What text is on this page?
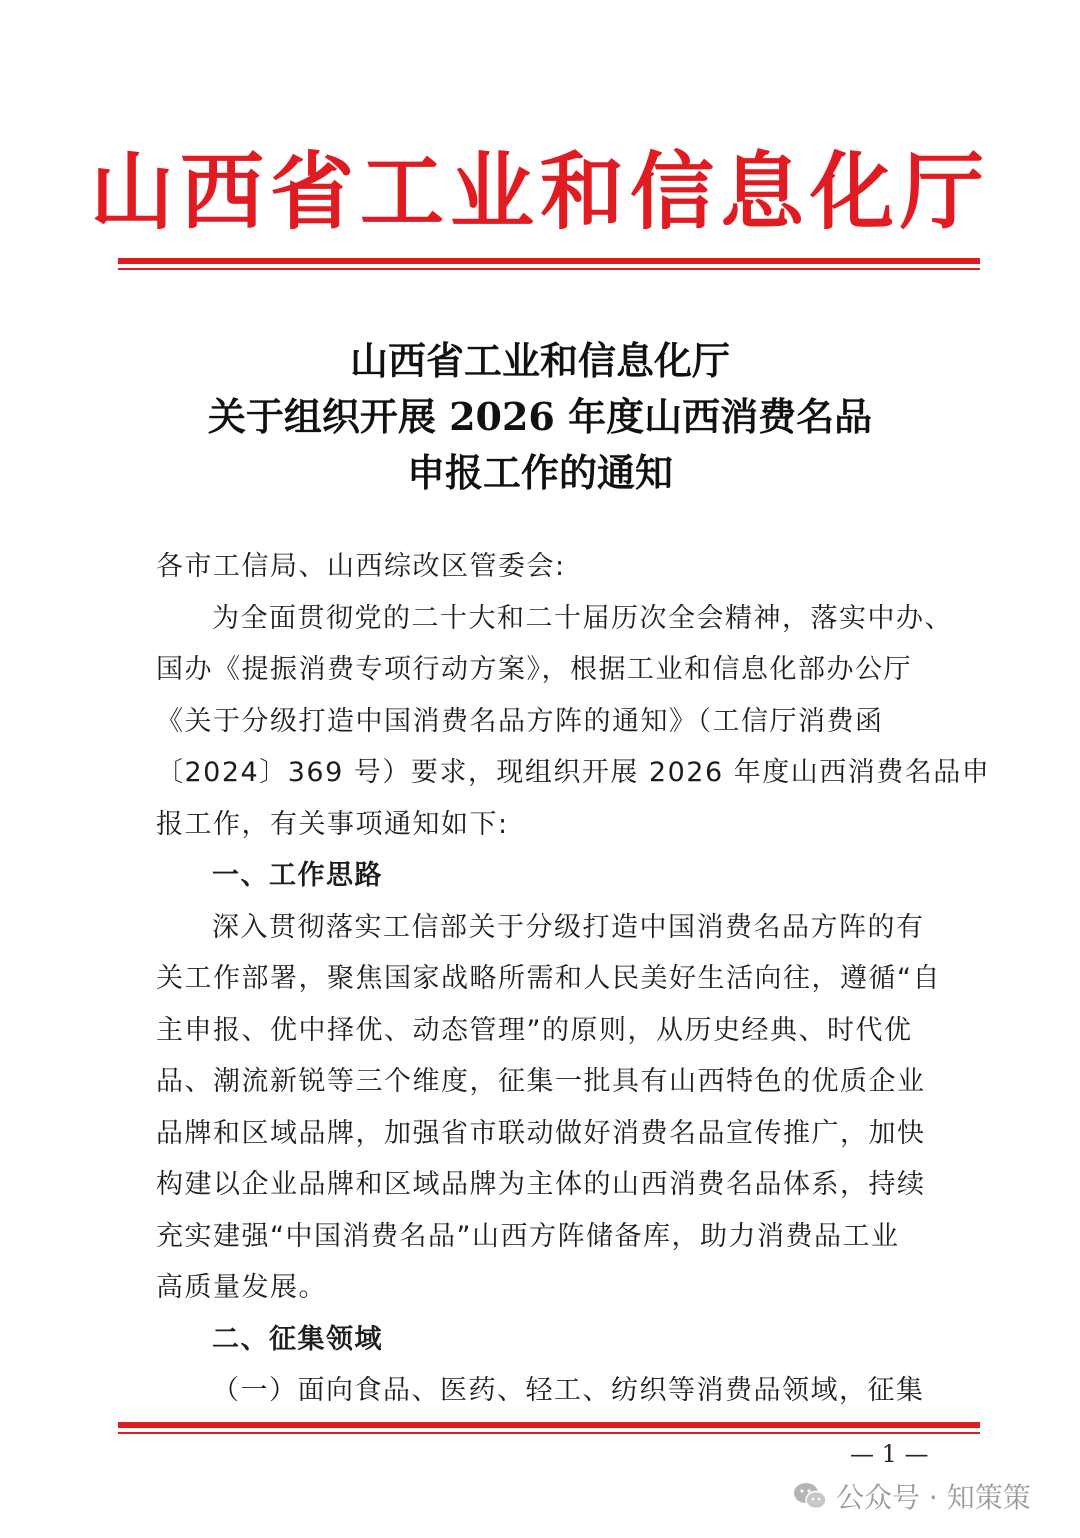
山西省工业和信息化厅
山西省工业和信息化厅
关于组织开展 2026 年度山西消费名品
申报工作的通知
各市工信局、山西综改区管委会:
为全面贯彻党的二十大和二十届历次全会精神，落实中办、
国办《提振消费专项行动方案》，根据工业和信息化部办公厅
《关于分级打造中国消费名品方阵的通知》（工信厅消费函
〔2024〕369 号）要求，现组织开展 2026 年度山西消费名品申
报工作，有关事项通知如下:
一、工作思路
深入贯彻落实工信部关于分级打造中国消费名品方阵的有
关工作部署，聚焦国家战略所需和人民美好生活向往，遵循“自
主申报、优中择优、动态管理”的原则，从历史经典、时代优
品、潮流新锐等三个维度，征集一批具有山西特色的优质企业
品牌和区域品牌，加强省市联动做好消费名品宣传推广，加快
构建以企业品牌和区域品牌为主体的山西消费名品体系，持续
充实建强“中国消费名品”山西方阵储备库，助力消费品工业
高质量发展。
二、征集领域
（一）面向食品、医药、轻工、纺织等消费品领域，征集
— 1 —
公众号 · 知策策
